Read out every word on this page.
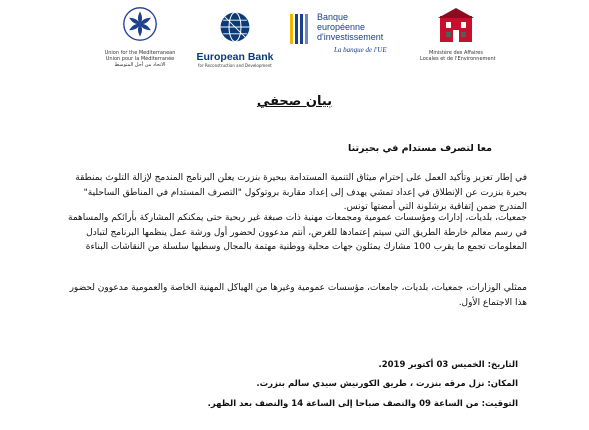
Union for the Mediterranean
Union pour la Méditerranée
الاتحاد من أجل المتوسط
European Bank
for Reconstruction and Development
Banque
européenne
d'investissement
La banque de l'UE	Ministère des Affaires
Locales et de l'Environnement
بيان صحفي
معا لتصرف مستدام في بحيرتنا
في إطار تعزيز وتأكيد العمل على إحترام ميثاق التنمية المستدامة ببحيرة بنزرت يعلن البرنامج المندمج لإزالة التلوث بمنطقة بحيرة بنزرت عن الإنطلاق في إعداد تمشي يهدف إلى إعداد مقاربة بروتوكول "التصرف المستدام في المناطق الساحلية" المندرج ضمن إتفاقية برشلونة التي أمضتها تونس.
جمعيات، بلديات، إدارات ومؤسسات عمومية ومجمعات مهنية ذات صبغة غير ربحية حتى يمكنكم المشاركة بأرائكم والمساهمة في رسم معالم خارطة الطريق التي سيتم إعتمادها للغرض، أنتم مدعوون لحضور أول ورشة عمل ينظمها البرنامج لتبادل المعلومات تجمع ما يقرب 100 مشارك يمثلون جهات محلية ووطنية مهتمة بالمجال وسطيها سلسلة من النقاشات البناءة
ممثلي الوزارات، جمعيات، بلديات، جامعات، مؤسسات عمومية وغيرها من الهياكل المهنية الخاصة والعمومية مدعوون لحضور هذا الاجتماع الأول.
التاريخ: الخميس 03 أكتوبر 2019.
المكان: نزل مرقه بنزرت ، طريق الكورنيش سيدي سالم بنزرت.
التوقيت: من الساعة 09 والنصف صباحا إلى الساعة 14 والنصف بعد الظهر.
